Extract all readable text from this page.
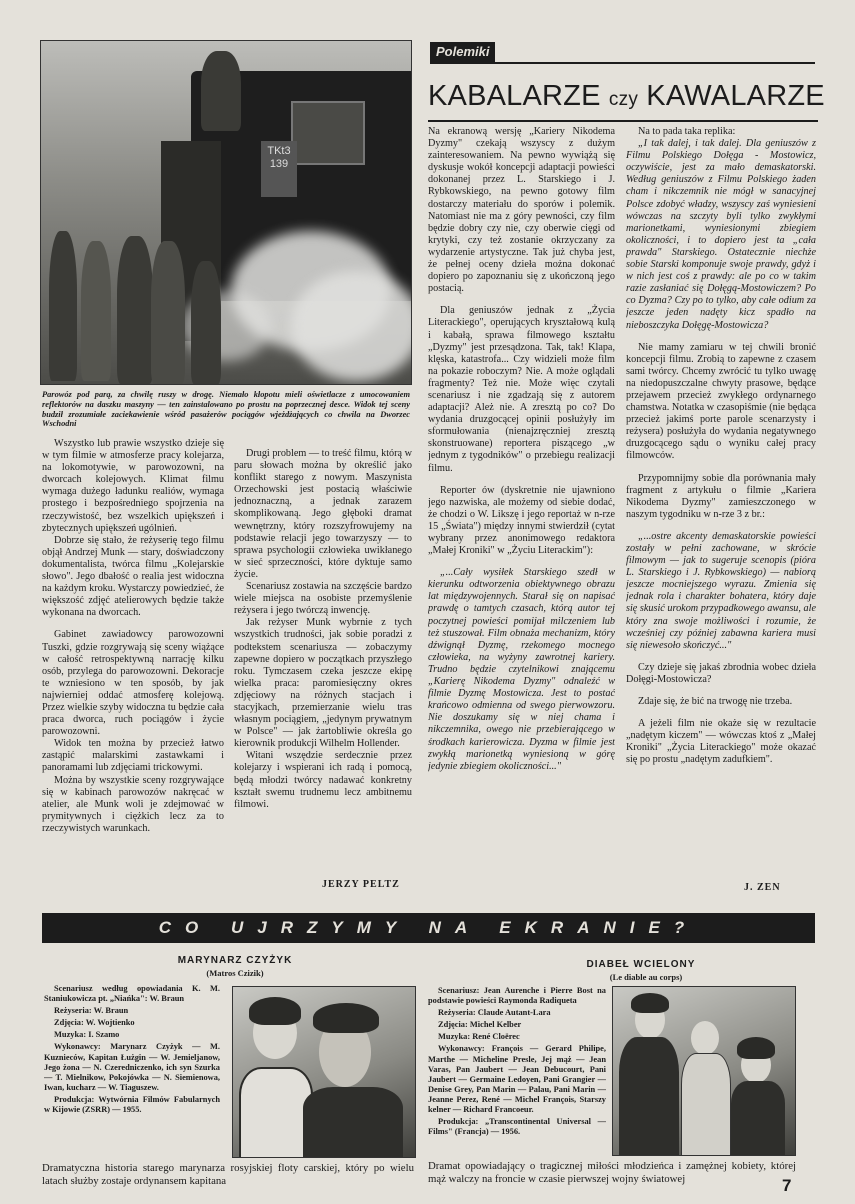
TKt3 139

Parowóz pod parą, za chwilę ruszy w drogę. Niemało kłopotu mieli oświetlacze z umocowaniem reflektorów na daszku maszyny — ten zainstalowano po prostu na poprzecznej desce. Widok tej sceny budził zrozumiałe zaciekawienie wśród pasażerów pociągów wjeżdżających co chwila na Dworzec Wschodni

Polemiki
KABALARZE czy KAWALARZE

Wszystko lub prawie wszystko dzieje się w tym filmie w atmosferze pracy kolejarza, na lokomotywie, w parowozowni, na dworcach kolejowych. Klimat filmu wymaga dużego ładunku realiów, wymaga prostego i bezpośredniego spojrzenia na rzeczywistość, bez wszelkich upiększeń i zbytecznych upiększeń ugólnień.

Dobrze się stało, że reżyserię tego filmu objął Andrzej Munk — stary, doświadczony dokumentalista, twórca filmu „Kolejarskie słowo". Jego dbałość o realia jest widoczna na każdym kroku. Wystarczy powiedzieć, że większość zdjęć atelierowych będzie także wykonana na dworcach.

Gabinet zawiadowcy parowozowni Tuszki, gdzie rozgrywają się sceny wiążące w całość retrospektywną narrację kilku osób, przylega do parowozowni. Dekoracje te wzniesiono w ten sposób, by jak najwierniej oddać atmosferę kolejową. Przez wielkie szyby widoczna tu będzie cała praca dworca, ruch pociągów i życie parowozowni.

Widok ten można by przecież łatwo zastąpić malarskimi zastawkami i panoramami lub zdjęciami trickowymi.

Można by wszystkie sceny rozgrywające się w kabinach parowozów nakręcać w atelier, ale Munk woli je zdejmować w prymitywnych i ciężkich lecz za to rzeczywistych warunkach.

Drugi problem — to treść filmu, którą w paru słowach można by określić jako konflikt starego z nowym. Maszynista Orzechowski jest postacią właściwie jednoznaczną, a jednak zarazem skomplikowaną. Jego głęboki dramat wewnętrzny, który rozszyfrowujemy na podstawie relacji jego towarzyszy — to sprawa psychologii człowieka uwikłanego w sieć sprzeczności, które dyktuje samo życie.

Scenariusz zostawia na szczęście bardzo wiele miejsca na osobiste przemyślenie reżysera i jego twórczą inwencję.

Jak reżyser Munk wybrnie z tych wszystkich trudności, jak sobie poradzi z podtekstem scenariusza — zobaczymy zapewne dopiero w początkach przyszłego roku. Tymczasem czeka jeszcze ekipę wielka praca: paromiesięczny okres zdjęciowy na różnych stacjach i stacyjkach, przemierzanie wielu tras własnym pociągiem, „jedynym prywatnym w Polsce" — jak żartobliwie określa go kierownik produkcji Wilhelm Hollender.

Witani wszędzie serdecznie przez kolejarzy i wspierani ich radą i pomocą, będą młodzi twórcy nadawać konkretny kształt swemu trudnemu lecz ambitnemu filmowi.

JERZY PELTZ

Na ekranową wersję „Kariery Nikodema Dyzmy" czekają wszyscy z dużym zainteresowaniem. Na pewno wywiążą się dyskusje wokół koncepcji adaptacji powieści dokonanej przez L. Starskiego i J. Rybkowskiego, na pewno gotowy film dostarczy materiału do sporów i polemik. Natomiast nie ma z góry pewności, czy film będzie dobry czy nie, czy oberwie cięgi od krytyki, czy też zostanie okrzyczany za wydarzenie artystyczne. Tak już chyba jest, że pełnej oceny dzieła można dokonać dopiero po zapoznaniu się z ukończoną jego postacią.

Dla geniuszów jednak z „Życia Literackiego", operujących kryształową kulą i kabałą, sprawa filmowego kształtu „Dyzmy" jest przesądzona. Tak, tak! Klapa, klęska, katastrofa... Czy widzieli może film na pokazie roboczym? Nie. A może oglądali fragmenty? Też nie. Może więc czytali scenariusz i nie zgadzają się z autorem adaptacji? Ależ nie. A zresztą po co? Do wydania druzgocącej opinii posłużyły im sformułowania (nienajzręczniej zresztą skonstruowane) reportera piszącego „w jednym z tygodników" o przebiegu realizacji filmu.

Reporter ów (dyskretnie nie ujawniono jego nazwiska, ale możemy od siebie dodać, że chodzi o W. Likszę i jego reportaż w n-rze 15 „Świata") między innymi stwierdził (cytat wybrany przez anonimowego redaktora „Małej Kroniki" w „Życiu Literackim"):

„...Cały wysiłek Starskiego szedł w kierunku odtworzenia obiektywnego obrazu lat międzywojennych. Starał się on napisać prawdę o tamtych czasach, którą autor tej poczytnej powieści pomijał milczeniem lub też stuszował. Film obnaża mechanizm, który dźwignął Dyzmę, rzekomego mocnego człowieka, na wyżyny zawrotnej kariery. Trudno będzie czytelnikowi znającemu „Karierę Nikodema Dyzmy" odnaleźć w filmie Dyzmę Mostowicza. Jest to postać krańcowo odmienna od swego pierwowzoru. Nie doszukamy się w niej chama i nikczemnika, owego nie przebierającego w środkach karierowicza. Dyzma w filmie jest zwykłą marionetką wyniesioną w górę jedynie zbiegiem okoliczności..."

Na to pada taka replika:

„I tak dalej, i tak dalej. Dla geniuszów z Filmu Polskiego Dołęga - Mostowicz, oczywiście, jest za mało demaskatorski. Według geniuszów z Filmu Polskiego żaden cham i nikczemnik nie mógł w sanacyjnej Polsce zdobyć władzy, wszyscy zaś wyniesieni wówczas na szczyty byli tylko zwykłymi marionetkami, wyniesionymi zbiegiem okoliczności, i to dopiero jest ta „cała prawda" Starskiego. Ostatecznie niechże sobie Starski komponuje swoje prawdy, gdyż i w nich jest coś z prawdy: ale po co w takim razie zasłaniać się Dołęgą-Mostowiczem? Po co Dyzma? Czy po to tylko, aby całe odium za jeszcze jeden nadęty kicz spadło na nieboszczyka Dołęgę-Mostowicza?

Nie mamy zamiaru w tej chwili bronić koncepcji filmu. Zrobią to zapewne z czasem sami twórcy. Chcemy zwrócić tu tylko uwagę na niedopuszczalne chwyty prasowe, będące przejawem przecież zwykłego ordynarnego chamstwa. Notatka w czasopiśmie (nie będąca przecież jakimś porte parole scenarzysty i reżysera) posłużyła do wydania negatywnego druzgocącego sądu o wyniku całej pracy filmowców.

Przypomnijmy sobie dla porównania mały fragment z artykułu o filmie „Kariera Nikodema Dyzmy" zamieszczonego w naszym tygodniku w n-rze 3 z br.:

„...ostre akcenty demaskatorskie powieści zostały w pełni zachowane, w skrócie filmowym — jak to sugeruje scenopis (pióra L. Starskiego i J. Rybkowskiego) — nabiorą jeszcze mocniejszego wyrazu. Zmienia się jednak rola i charakter bohatera, który daje się skusić urokom przypadkowego awansu, ale który zna swoje możliwości i rozumie, że wcześniej czy później zabawna kariera musi się niewesoło skończyć..."

Czy dzieje się jakaś zbrodnia wobec dzieła Dołęgi-Mostowicza?

Zdaje się, że bić na trwogę nie trzeba.

A jeżeli film nie okaże się w rezultacie „nadętym kiczem" — wówczas ktoś z „Małej Kroniki" „Życia Literackiego" może okazać się po prostu „nadętym zadufkiem".

J. ZEN

CO UJRZYMY NA EKRANIE?

MARYNARZ CZYŻYK

(Matros Czizik)

Scenariusz według opowiadania K. M. Staniukowicza pt. „Niańka": W. Braun

Reżyseria: W. Braun

Zdjęcia: W. Wojtienko

Muzyka: I. Szamo

Wykonawcy: Marynarz Czyżyk — M. Kuznieców, Kapitan Łużgin — W. Jemieljanow, Jego żona — N. Czeredniczenko, ich syn Szurka — T. Mielnikow, Pokojówka — N. Siemienowa, Iwan, kucharz — W. Tiaguszew.

Produkcja: Wytwórnia Filmów Fabularnych w Kijowie (ZSRR) — 1955.

Dramatyczna historia starego marynarza rosyjskiej floty carskiej, który po wielu latach służby zostaje ordynansem kapitana

DIABEŁ WCIELONY

(Le diable au corps)

Scenariusz: Jean Aurenche i Pierre Bost na podstawie powieści Raymonda Radiqueta

Reżyseria: Claude Autant-Lara

Zdjęcia: Michel Kelber

Muzyka: René Cloërec

Wykonawcy: François — Gerard Philipe, Marthe — Micheline Presle, Jej mąż — Jean Varas, Pan Jaubert — Jean Debucourt, Pani Jaubert — Germaine Ledoyen, Pani Grangier — Denise Grey, Pan Marin — Palau, Pani Marin — Jeanne Perez, René — Michel François, Starszy kelner — Richard Francoeur.

Produkcja: „Transcontinental Universal — Films" (Francja) — 1956.

Dramat opowiadający o tragicznej miłości młodzieńca i zamężnej kobiety, której mąż walczy na froncie w czasie pierwszej wojny światowej	7
